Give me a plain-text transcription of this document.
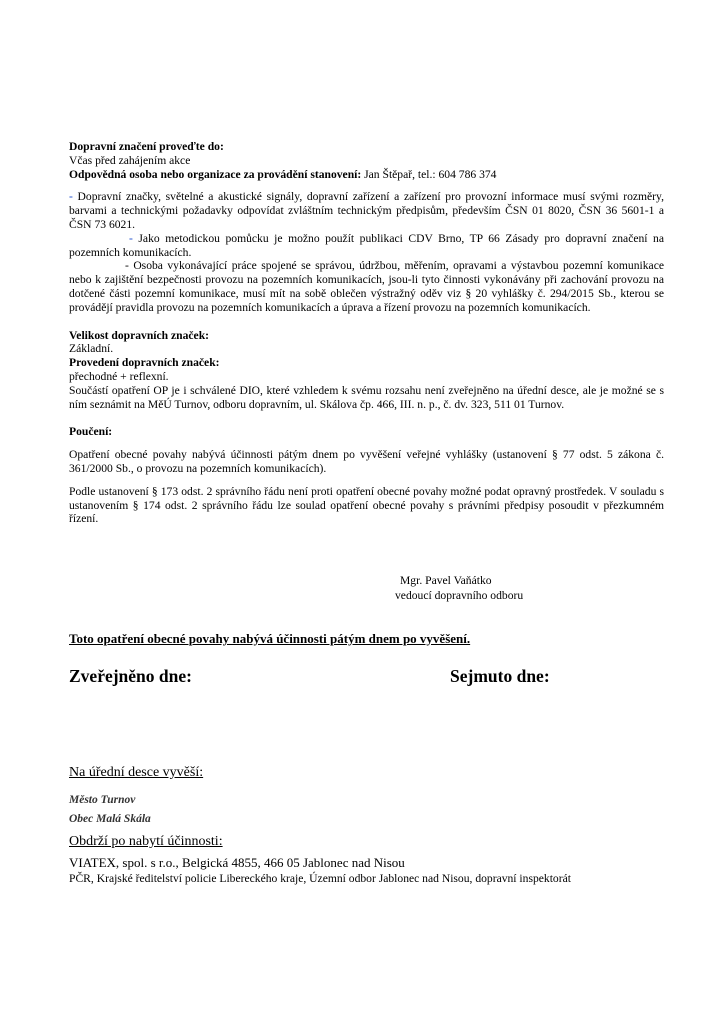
Dopravní značení proveďte do:

Včas před zahájením akce

Odpovědná osoba nebo organizace za provádění stanovení: Jan Štěpař, tel.: 604 786 374

- Dopravní značky, světelné a akustické signály, dopravní zařízení a zařízení pro provozní informace musí svými rozměry, barvami a technickými požadavky odpovídat zvláštním technickým předpisům, především ČSN 01 8020, ČSN 36 5601-1 a ČSN 73 6021.

- Jako metodickou pomůcku je možno použít publikaci CDV Brno, TP 66 Zásady pro dopravní značení na pozemních komunikacích.

- Osoba vykonávající práce spojené se správou, údržbou, měřením, opravami a výstavbou pozemní komunikace nebo k zajištění bezpečnosti provozu na pozemních komunikacích, jsou-li tyto činnosti vykonávány při zachování provozu na dotčené části pozemní komunikace, musí mít na sobě oblečen výstražný oděv viz § 20 vyhlášky č. 294/2015 Sb., kterou se provádějí pravidla provozu na pozemních komunikacích a úprava a řízení provozu na pozemních komunikacích.

Velikost dopravních značek:

Základní.

Provedení dopravních značek:

přechodné + reflexní.

Součástí opatření OP je i schválené DIO, které vzhledem k svému rozsahu není zveřejněno na úřední desce, ale je možné se s ním seznámit na MěÚ Turnov, odboru dopravním, ul. Skálova čp. 466, III. n. p., č. dv. 323, 511 01 Turnov.

Poučení:

Opatření obecné povahy nabývá účinnosti pátým dnem po vyvěšení veřejné vyhlášky (ustanovení § 77 odst. 5 zákona č. 361/2000 Sb., o provozu na pozemních komunikacích).

Podle ustanovení § 173 odst. 2 správního řádu není proti opatření obecné povahy možné podat opravný prostředek. V souladu s ustanovením § 174 odst. 2 správního řádu lze soulad opatření obecné povahy s právními předpisy posoudit v přezkumném řízení.

Mgr. Pavel Vaňátko
vedoucí dopravního odboru
Toto opatření obecné povahy nabývá účinnosti pátým dnem po vyvěšení.
Zveřejněno dne:	Sejmuto dne:
Na úřední desce vyvěší:
Město Turnov
Obec Malá Skála
Obdrží po nabytí účinnosti:
VIATEX, spol. s r.o., Belgická 4855, 466 05 Jablonec nad Nisou
PČR, Krajské ředitelství policie Libereckého kraje, Územní odbor Jablonec nad Nisou, dopravní inspektorát
